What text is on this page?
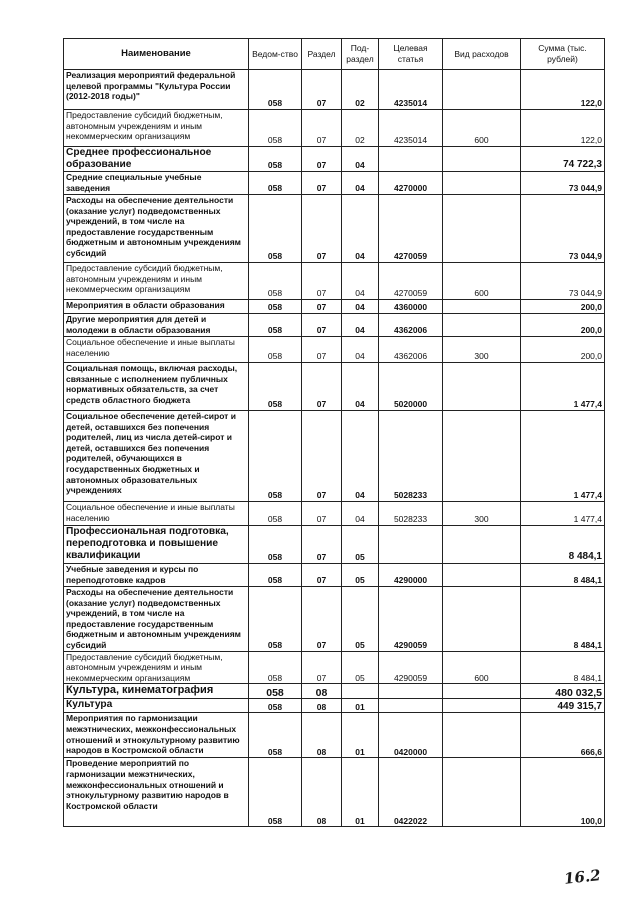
Наименование	Ведом-ство	Раздел	Под-раздел	Целевая статья	Вид расходов	Сумма (тыс. рублей)
Реализация мероприятий федеральной целевой программы "Культура России (2012-2018 годы)"	058	07	02	4235014		122,0
Предоставление субсидий бюджетным, автономным учреждениям и иным некоммерческим организациям	058	07	02	4235014	600	122,0
Среднее профессиональное образование	058	07	04			74 722,3
Средние специальные учебные заведения	058	07	04	4270000		73 044,9
Расходы на обеспечение деятельности (оказание услуг) подведомственных учреждений, в том числе на предоставление государственным бюджетным и автономным учреждениям субсидий	058	07	04	4270059		73 044,9
Предоставление субсидий бюджетным, автономным учреждениям и иным некоммерческим организациям	058	07	04	4270059	600	73 044,9
Мероприятия в области образования	058	07	04	4360000		200,0
Другие мероприятия для детей и молодежи в области образования	058	07	04	4362006		200,0
Социальное обеспечение и иные выплаты населению	058	07	04	4362006	300	200,0
Социальная помощь, включая расходы, связанные с исполнением публичных нормативных обязательств, за счет средств областного бюджета	058	07	04	5020000		1 477,4
Социальное обеспечение детей-сирот и детей, оставшихся без попечения родителей, лиц из числа детей-сирот и детей, оставшихся без попечения родителей, обучающихся в государственных бюджетных и автономных образовательных учреждениях	058	07	04	5028233		1 477,4
Социальное обеспечение и иные выплаты населению	058	07	04	5028233	300	1 477,4
Профессиональная подготовка, переподготовка и повышение квалификации	058	07	05			8 484,1
Учебные заведения и курсы по переподготовке кадров	058	07	05	4290000		8 484,1
Расходы на обеспечение деятельности (оказание услуг) подведомственных учреждений, в том числе на предоставление государственным бюджетным и автономным учреждениям субсидий	058	07	05	4290059		8 484,1
Предоставление субсидий бюджетным, автономным учреждениям и иным некоммерческим организациям	058	07	05	4290059	600	8 484,1
Культура, кинематография	058	08				480 032,5
Культура	058	08	01			449 315,7
Мероприятия по гармонизации межэтнических, межконфессиональных отношений и этнокультурному развитию народов в Костромской области	058	08	01	0420000		666,6
Проведение мероприятий по гармонизации межэтнических, межконфессиональных отношений и этнокультурному развитию народов в Костромской области	058	08	01	0422022		100,0
16.2
